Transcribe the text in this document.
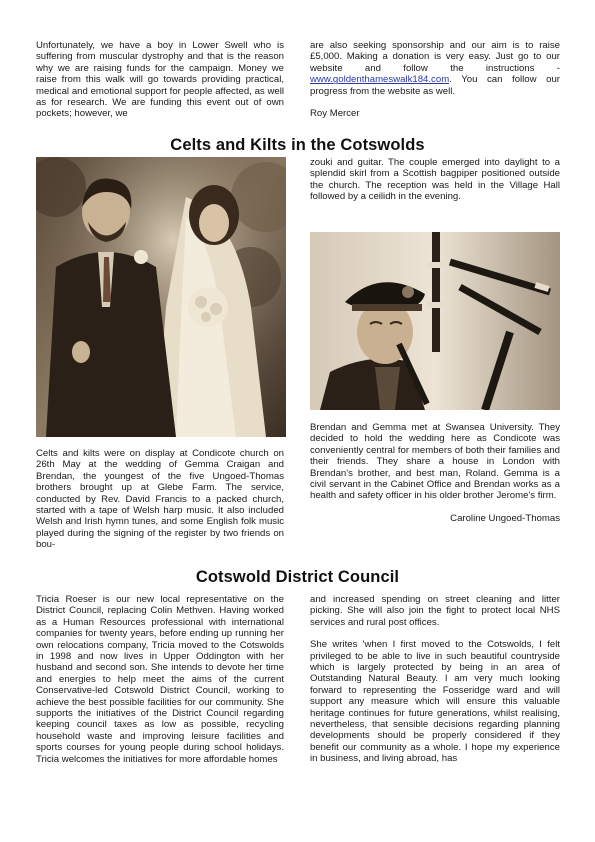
Unfortunately, we have a boy in Lower Swell who is suffering from muscular dystrophy and that is the reason why we are raising funds for the campaign. Money we raise from this walk will go towards providing practical, medical and emotional support for people affected, as well as for research. We are funding this event out of own pockets; however, we

are also seeking sponsorship and our aim is to raise £5,000. Making a donation is very easy. Just go to our website and follow the instructions - www.goldenthameswalk184.com. You can follow our progress from the website as well.

Roy Mercer

Celts and Kilts in the Cotswolds

zouki and guitar. The couple emerged into daylight to a splendid skirl from a Scottish bagpiper positioned outside the church. The reception was held in the Village Hall followed by a ceilidh in the evening.

Celts and kilts were on display at Condicote church on 26th May at the wedding of Gemma Craigan and Brendan, the youngest of the five Ungoed-Thomas brothers brought up at Glebe Farm. The service, conducted by Rev. David Francis to a packed church, started with a tape of Welsh harp music. It also included Welsh and Irish hymn tunes, and some English folk music played during the signing of the register by two friends on bou-

Brendan and Gemma met at Swansea University. They decided to hold the wedding here as Condicote was conveniently central for members of both their families and their friends. They share a house in London with Brendan's brother, and best man, Roland. Gemma is a civil servant in the Cabinet Office and Brendan works as a health and safety officer in his older brother Jerome's firm.

Caroline Ungoed-Thomas

Cotswold District Council

Tricia Roeser is our new local representative on the District Council, replacing Colin Methven. Having worked as a Human Resources professional with international companies for twenty years, before ending up running her own relocations company, Tricia moved to the Cotswolds in 1998 and now lives in Upper Oddington with her husband and second son. She intends to devote her time and energies to help meet the aims of the current Conservative-led Cotswold District Council, working to achieve the best possible facilities for our community. She supports the initiatives of the District Council regarding keeping council taxes as low as possible, recycling household waste and improving leisure facilities and sports courses for young people during school holidays. Tricia welcomes the initiatives for more affordable homes

and increased spending on street cleaning and litter picking. She will also join the fight to protect local NHS services and rural post offices.

She writes 'when I first moved to the Cotswolds, I felt privileged to be able to live in such beautiful countryside which is largely protected by being in an area of Outstanding Natural Beauty. I am very much looking forward to representing the Fosseridge ward and will support any measure which will ensure this valuable heritage continues for future generations, whilst realising, nevertheless, that sensible decisions regarding planning developments should be properly considered if they benefit our community as a whole. I hope my experience in business, and living abroad, has
